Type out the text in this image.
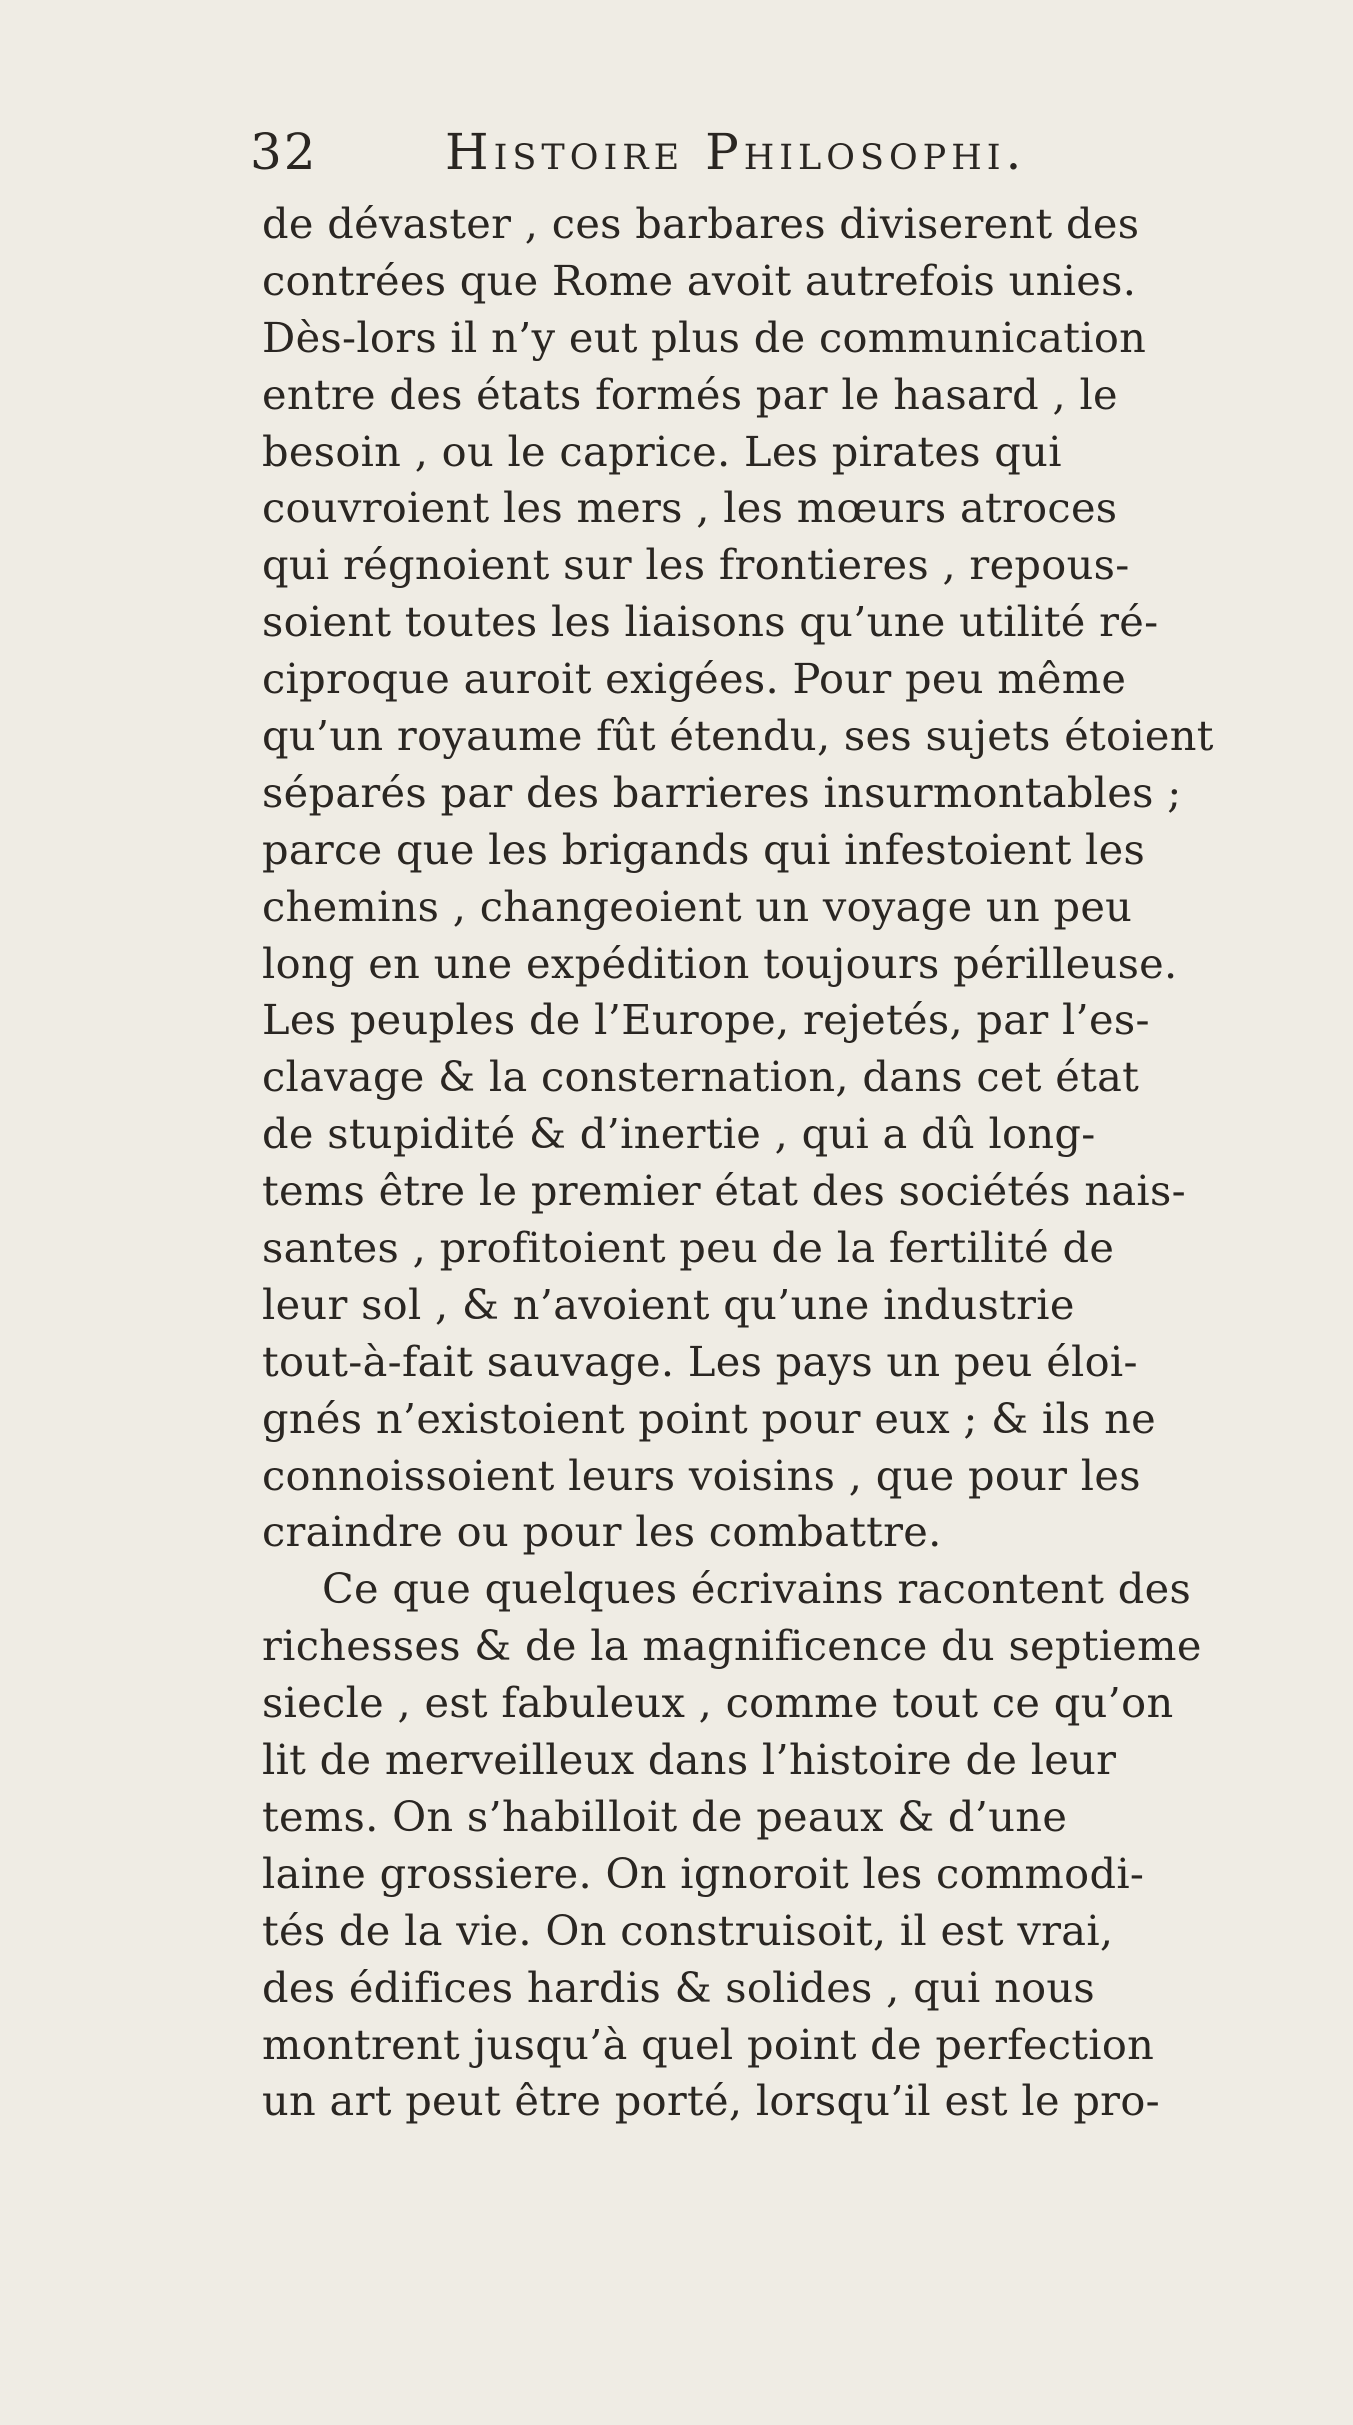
32	Histoire Philosophi.
de dévaster , ces barbares diviserent des
contrées que Rome avoit autrefois unies.
Dès-lors il n’y eut plus de communication
entre des états formés par le hasard , le
besoin , ou le caprice. Les pirates qui
couvroient les mers , les mœurs atroces
qui régnoient sur les frontieres , repous-
soient toutes les liaisons qu’une utilité ré-
ciproque auroit exigées. Pour peu même
qu’un royaume fût étendu, ses sujets étoient
séparés par des barrieres insurmontables ;
parce que les brigands qui infestoient les
chemins , changeoient un voyage un peu
long en une expédition toujours périlleuse.
Les peuples de l’Europe, rejetés, par l’es-
clavage & la consternation, dans cet état
de stupidité & d’inertie , qui a dû long-
tems être le premier état des sociétés nais-
santes , profitoient peu de la fertilité de
leur sol , & n’avoient qu’une industrie
tout-à-fait sauvage. Les pays un peu éloi-
gnés n’existoient point pour eux ; & ils ne
connoissoient leurs voisins , que pour les
craindre ou pour les combattre.
Ce que quelques écrivains racontent des
richesses & de la magnificence du septieme
siecle , est fabuleux , comme tout ce qu’on
lit de merveilleux dans l’histoire de leur
tems. On s’habilloit de peaux & d’une
laine grossiere. On ignoroit les commodi-
tés de la vie. On construisoit, il est vrai,
des édifices hardis & solides , qui nous
montrent jusqu’à quel point de perfection
un art peut être porté, lorsqu’il est le pro-
